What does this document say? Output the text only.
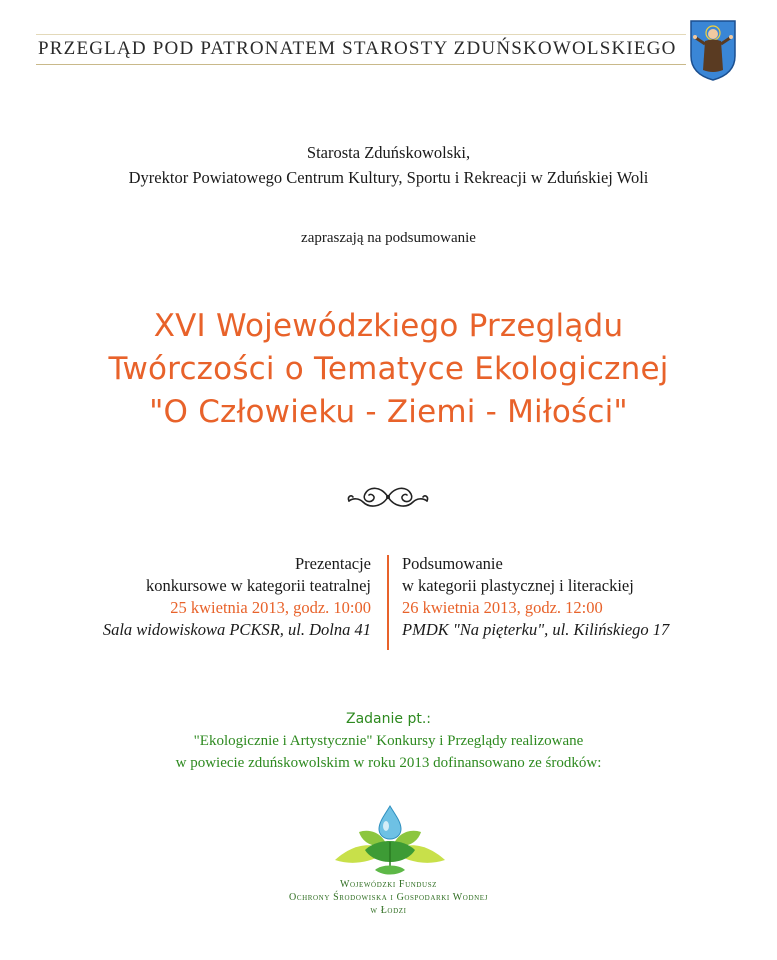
PRZEGLĄD POD PATRONATEM STAROSTY ZDUŃSKOWOLSKIEGO
Starosta Zduńskowolski,
Dyrektor Powiatowego Centrum Kultury, Sportu i Rekreacji w Zduńskiej Woli
zapraszają na podsumowanie
XVI Wojewódzkiego Przeglądu
Twórczości o Tematyce Ekologicznej
"O Człowieku - Ziemi - Miłości"
Prezentacje
konkursowe w kategorii teatralnej
25 kwietnia 2013, godz. 10:00
Sala widowiskowa PCKSR, ul. Dolna 41
Podsumowanie
w kategorii plastycznej i literackiej
26 kwietnia 2013, godz. 12:00
PMDK "Na pięterku", ul. Kilińskiego 17
Zadanie pt.:
"Ekologicznie i Artystycznie" Konkursy i Przeglądy realizowane
w powiecie zduńskowolskim w roku 2013 dofinansowano ze środków:
Wojewódzki Fundusz
Ochrony Środowiska i Gospodarki Wodnej
w Łodzi
